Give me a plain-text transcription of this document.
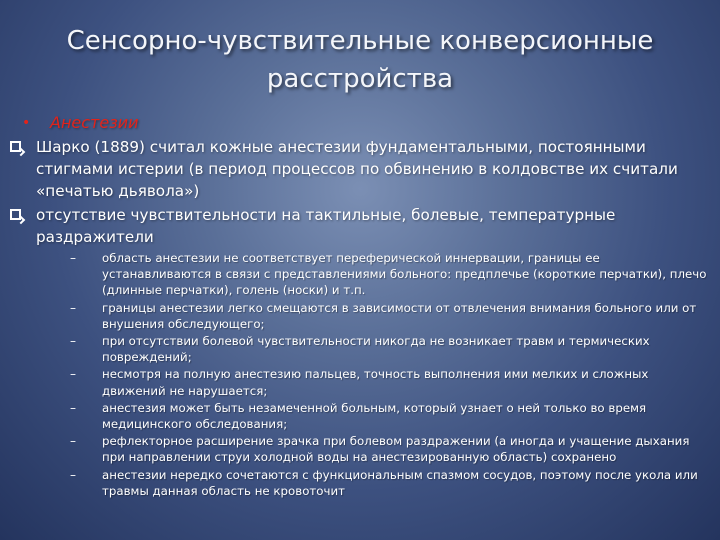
Сенсорно-чувствительные конверсионные расстройства
•	Анестезии
Шарко (1889) считал кожные анестезии фундаментальными, постоянными стигмами истерии (в период процессов по обвинению в колдовстве их считали «печатью дьявола»)
отсутствие чувствительности на тактильные, болевые, температурные раздражители
–	область анестезии не соответствует переферической иннервации, границы ее устанавливаются в связи с представлениями больного: предплечье (короткие перчатки), плечо (длинные перчатки), голень (носки) и т.п.
–	границы анестезии легко смещаются в зависимости от отвлечения внимания больного или от внушения обследующего;
–	при отсутствии болевой чувствительности никогда не возникает травм и термических повреждений;
–	несмотря на полную анестезию пальцев, точность выполнения ими мелких и сложных движений не нарушается;
–	анестезия может быть незамеченной больным, который узнает о ней только во время медицинского обследования;
–	рефлекторное расширение зрачка при болевом раздражении (а иногда и учащение дыхания при направлении струи холодной воды на анестезированную область) сохранено
–	анестезии нередко сочетаются с функциональным спазмом сосудов, поэтому после укола или травмы данная область не кровоточит
